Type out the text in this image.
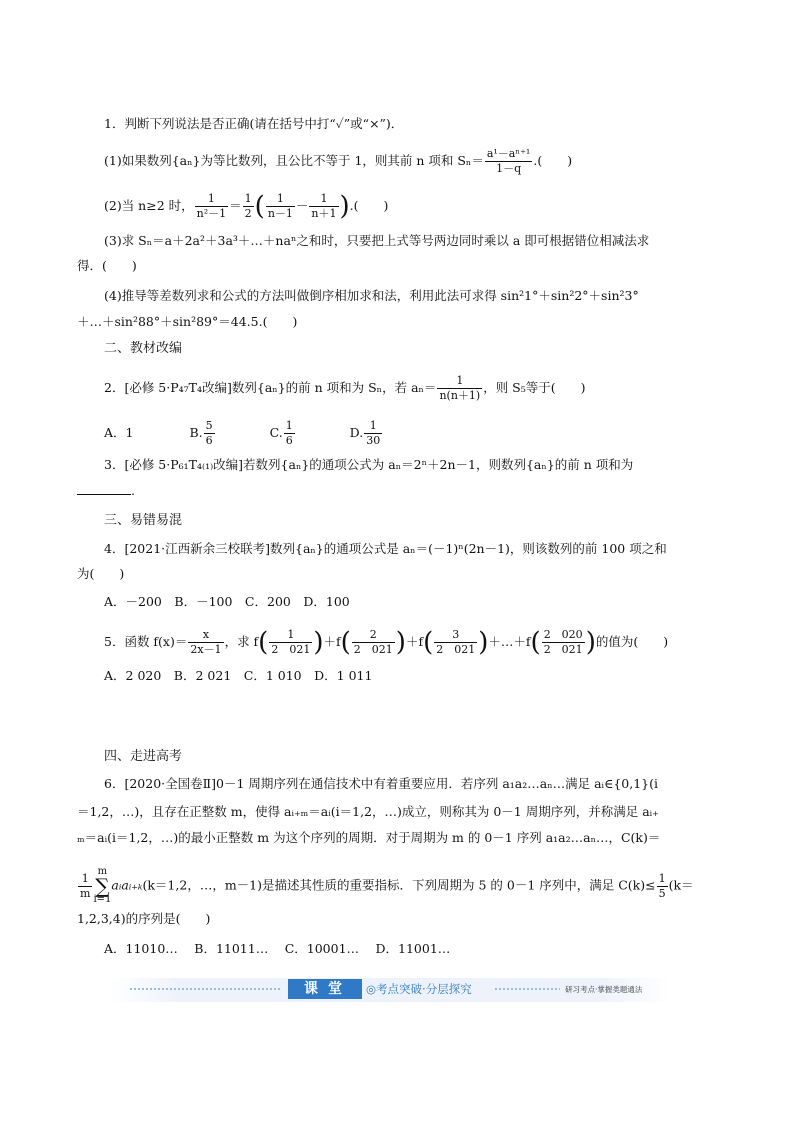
1．判断下列说法是否正确(请在括号中打“✓”或“×”)．
(1)如果数列{aₙ}为等比数列，且公比不等于 1，则其前 n 项和 $S_n= \frac{\text{a¹－aⁿ⁺¹}}{1-q}$ .(　　)
(2)当 n≥2 时， $\frac{1}{\text{n²－1}} = \frac{1}{2}$ ( $\frac{1}{n-1} - \frac{1}{n+1}$ ).(　　)
(3)求 Sₙ＝a＋2a²＋3a³＋…＋naⁿ之和时，只要把上式等号两边同时乘以 a 即可根据错位相减法求
得．(　　)
(4)推导等差数列求和公式的方法叫做倒序相加求和法，利用此法可求得 sin²1°＋sin²2°＋sin²3°
＋…＋sin²88°＋sin²89°＝44.5.(　　)
二、教材改编
2．[必修 5·P₄₇T₄改编]数列{aₙ}的前 n 项和为 Sₙ，若 $a_n= \frac{1}{n(n+1)}$ ，则 S₅等于(　　)
A．1	B. $\frac{5}{6}$	C. $\frac{1}{6}$	D. $\frac{1}{30}$
3．[必修 5·P₆₁T₄₍₁₎改编]若数列{aₙ}的通项公式为 aₙ＝2ⁿ＋2n－1，则数列{aₙ}的前 n 项和为
.
三、易错易混
4．[2021·江西新余三校联考]数列{aₙ}的通项公式是 aₙ＝(－1)ⁿ(2n－1)，则该数列的前 100 项之和
为(　　)
A．－200　B．－100　C．200　D．100
5．函数 $f(x)= \frac{x}{2x-1}$ ，求 $f( \frac{1}{2 021} )+f( \frac{2}{2 021} )+f( \frac{3}{2 021}$ )＋…＋f( $\frac{2 020}{2 021}$ )的值为(　　)
A．2 020　B．2 021　C．1 010　D．1 011
四、走进高考
6．[2020·全国卷Ⅱ]0－1 周期序列在通信技术中有着重要应用．若序列 a₁a₂…aₙ…满足 aᵢ∈{0,1}(i
＝1,2，…)，且存在正整数 m，使得 aᵢ₊ₘ＝aᵢ(i＝1,2，…)成立，则称其为 0－1 周期序列，并称满足 aᵢ₊
ₘ＝aᵢ(i＝1,2，…)的最小正整数 m 为这个序列的周期．对于周期为 m 的 0－1 序列 a₁a₂…aₙ…，C(k)＝
$\frac{1}{m}$ m
∑
i=1aᵢaᵢ₊ₖ(k＝1,2，…，m－1)是描述其性质的重要指标．下列周期为 5 的 0－1 序列中，满足 $C(k)\le \frac{1}{5} (k=$
1,2,3,4)的序列是(　　)
A．11010…　 B．11011…　 C．10001…　 D．11001…
课堂	◎考点突破·分层探究	研习考点·掌握类题通法
